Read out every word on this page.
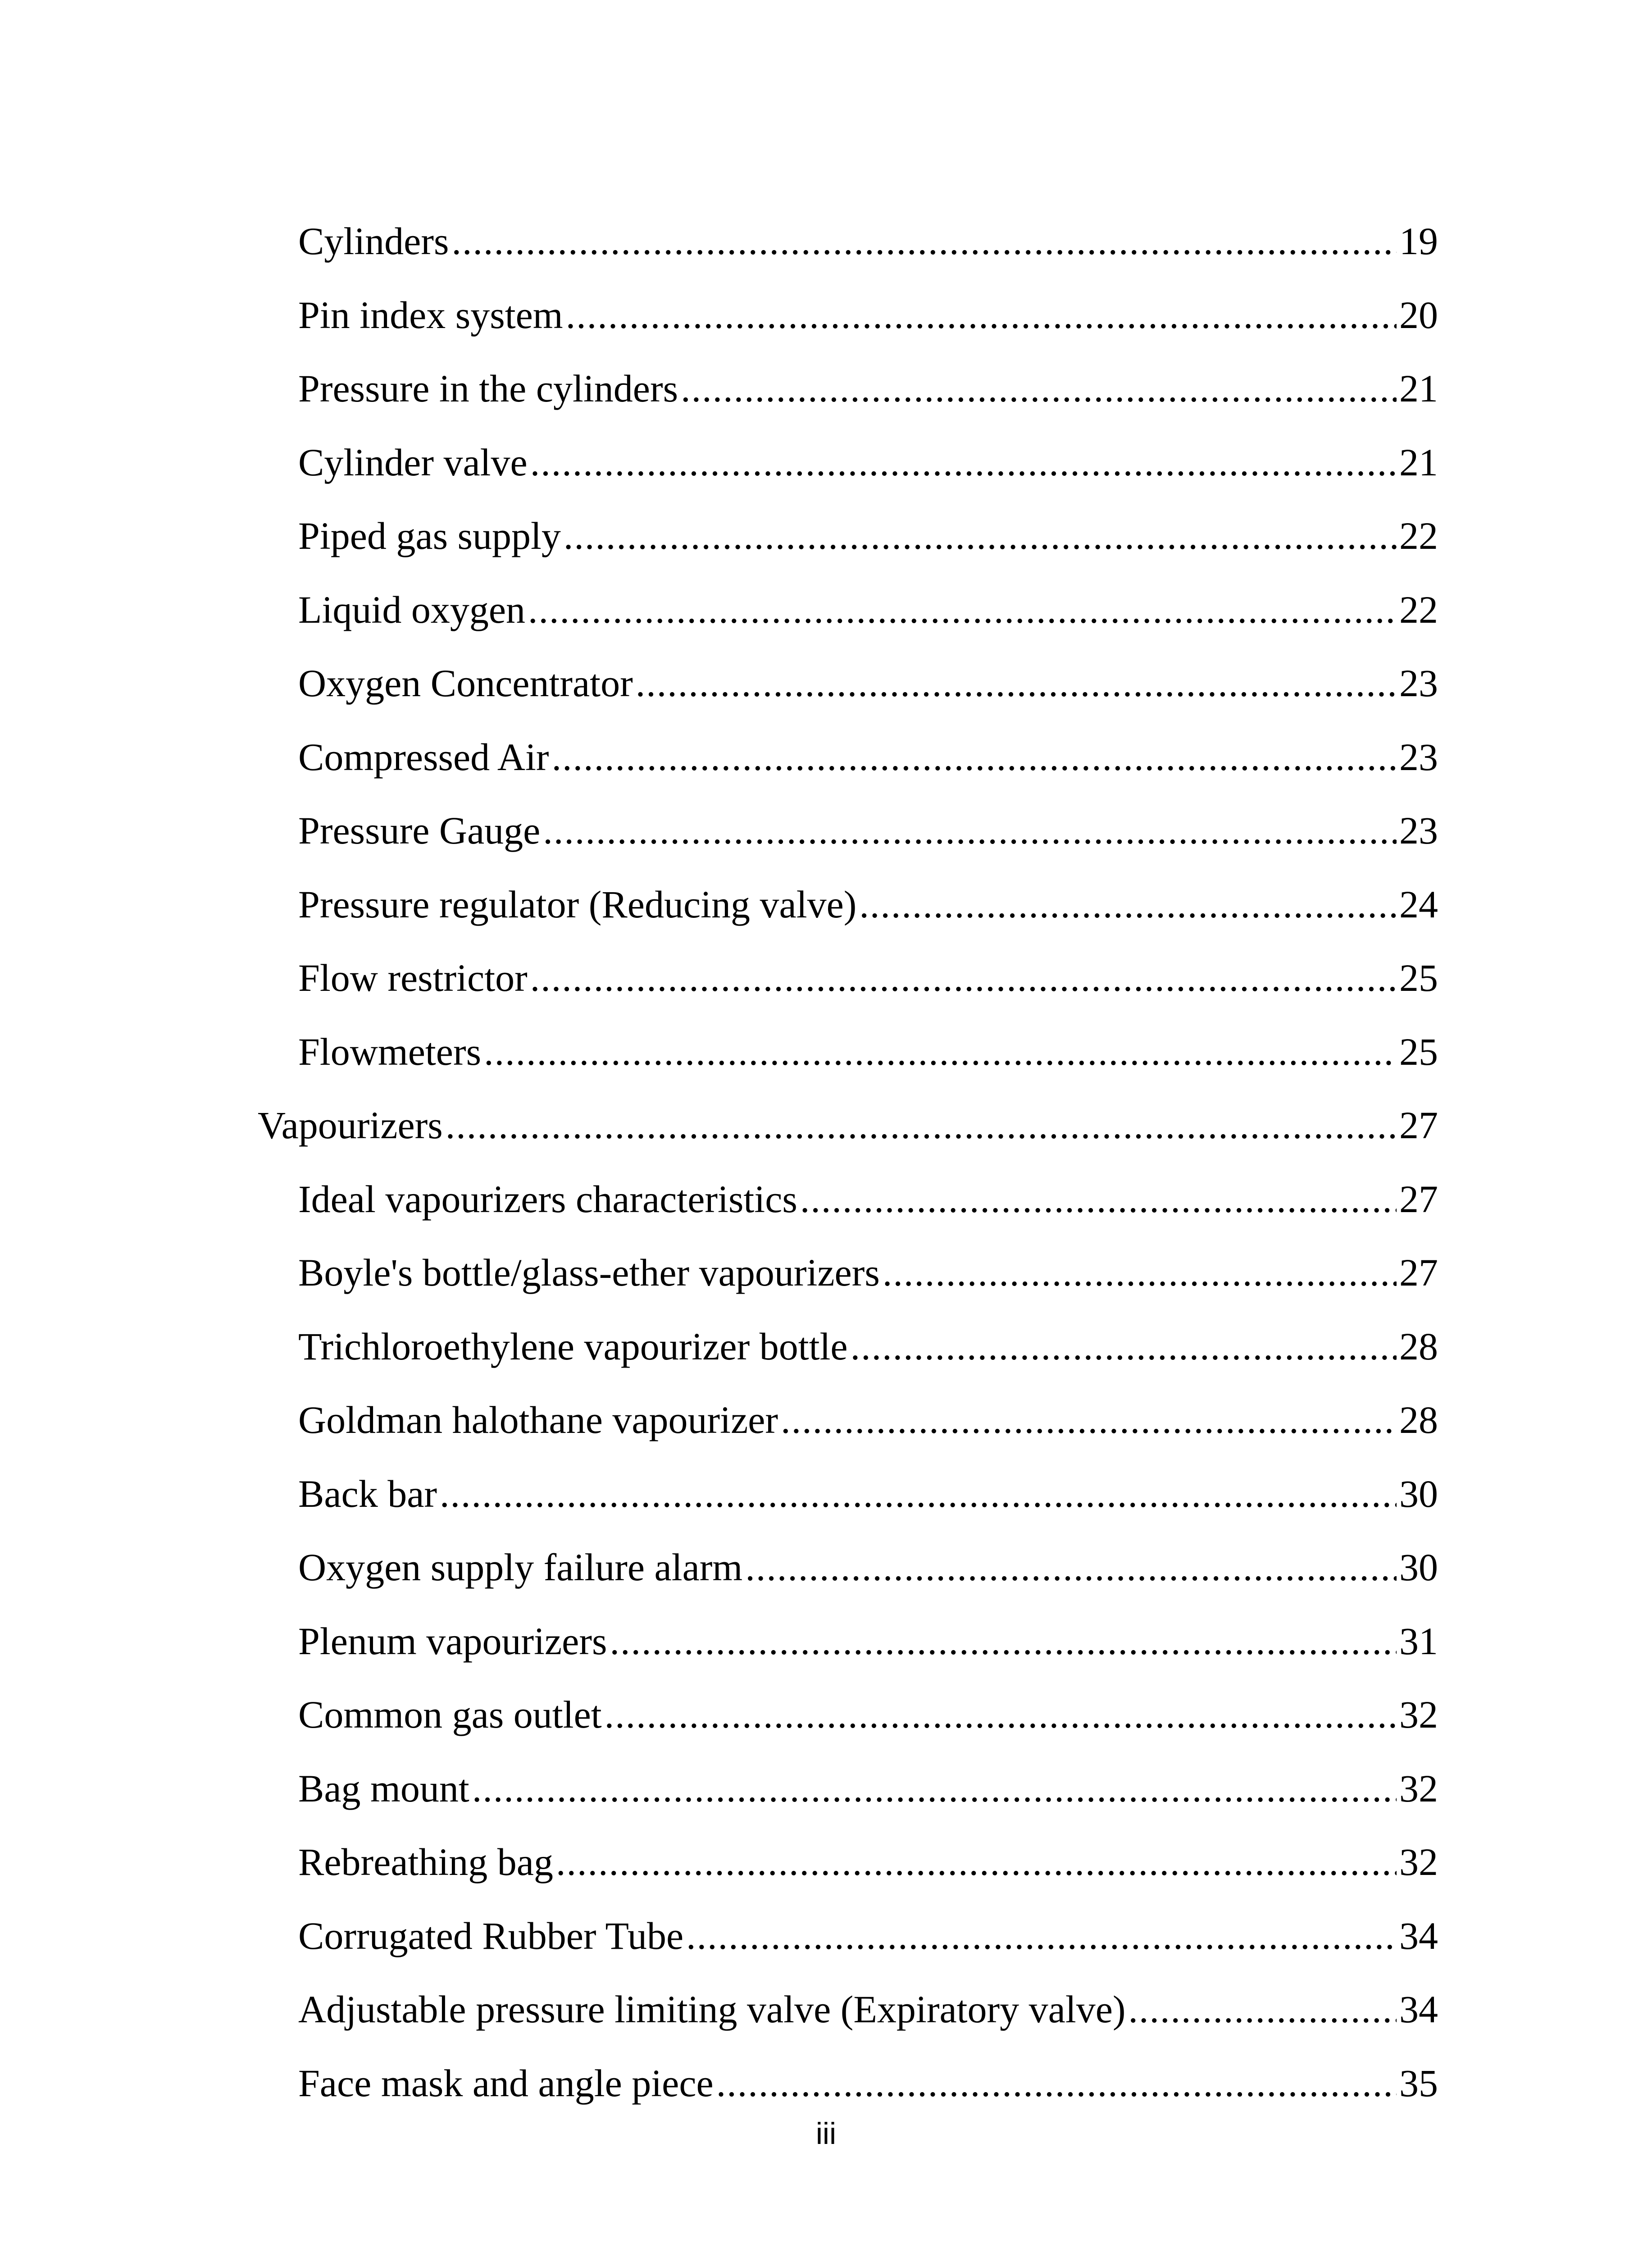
Cylinders .....	19
Pin index system .....	20
Pressure in the cylinders .....	21
Cylinder valve .....	21
Piped gas supply .....	22
Liquid oxygen .....	22
Oxygen Concentrator .....	23
Compressed Air .....	23
Pressure Gauge .....	23
Pressure regulator (Reducing valve) .....	24
Flow restrictor .....	25
Flowmeters .....	25
Vapourizers .....	27
Ideal vapourizers characteristics .....	27
Boyle's bottle/glass-ether vapourizers .....	27
Trichloroethylene vapourizer bottle .....	28
Goldman halothane vapourizer .....	28
Back bar .....	30
Oxygen supply failure alarm .....	30
Plenum vapourizers .....	31
Common gas outlet .....	32
Bag mount .....	32
Rebreathing bag .....	32
Corrugated Rubber Tube .....	34
Adjustable pressure limiting valve (Expiratory valve) .....	34
Face mask and angle piece .....	35
iii
